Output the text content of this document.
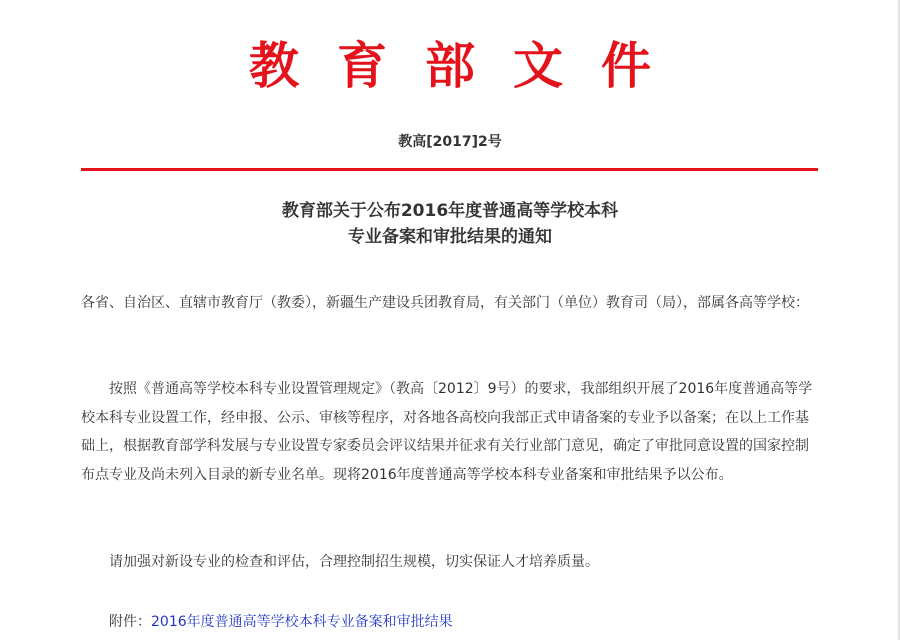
教 育 部 文 件
教高[2017]2号
教育部关于公布2016年度普通高等学校本科
专业备案和审批结果的通知

各省、自治区、直辖市教育厅（教委），新疆生产建设兵团教育局，有关部门（单位）教育司（局），部属各高等学校：

按照《普通高等学校本科专业设置管理规定》（教高〔2012〕9号）的要求，我部组织开展了2016年度普通高等学校本科专业设置工作，经申报、公示、审核等程序，对各地各高校向我部正式申请备案的专业予以备案；在以上工作基础上，根据教育部学科发展与专业设置专家委员会评议结果并征求有关行业部门意见，确定了审批同意设置的国家控制布点专业及尚未列入目录的新专业名单。现将2016年度普通高等学校本科专业备案和审批结果予以公布。

请加强对新设专业的检查和评估，合理控制招生规模，切实保证人才培养质量。

附件：2016年度普通高等学校本科专业备案和审批结果
